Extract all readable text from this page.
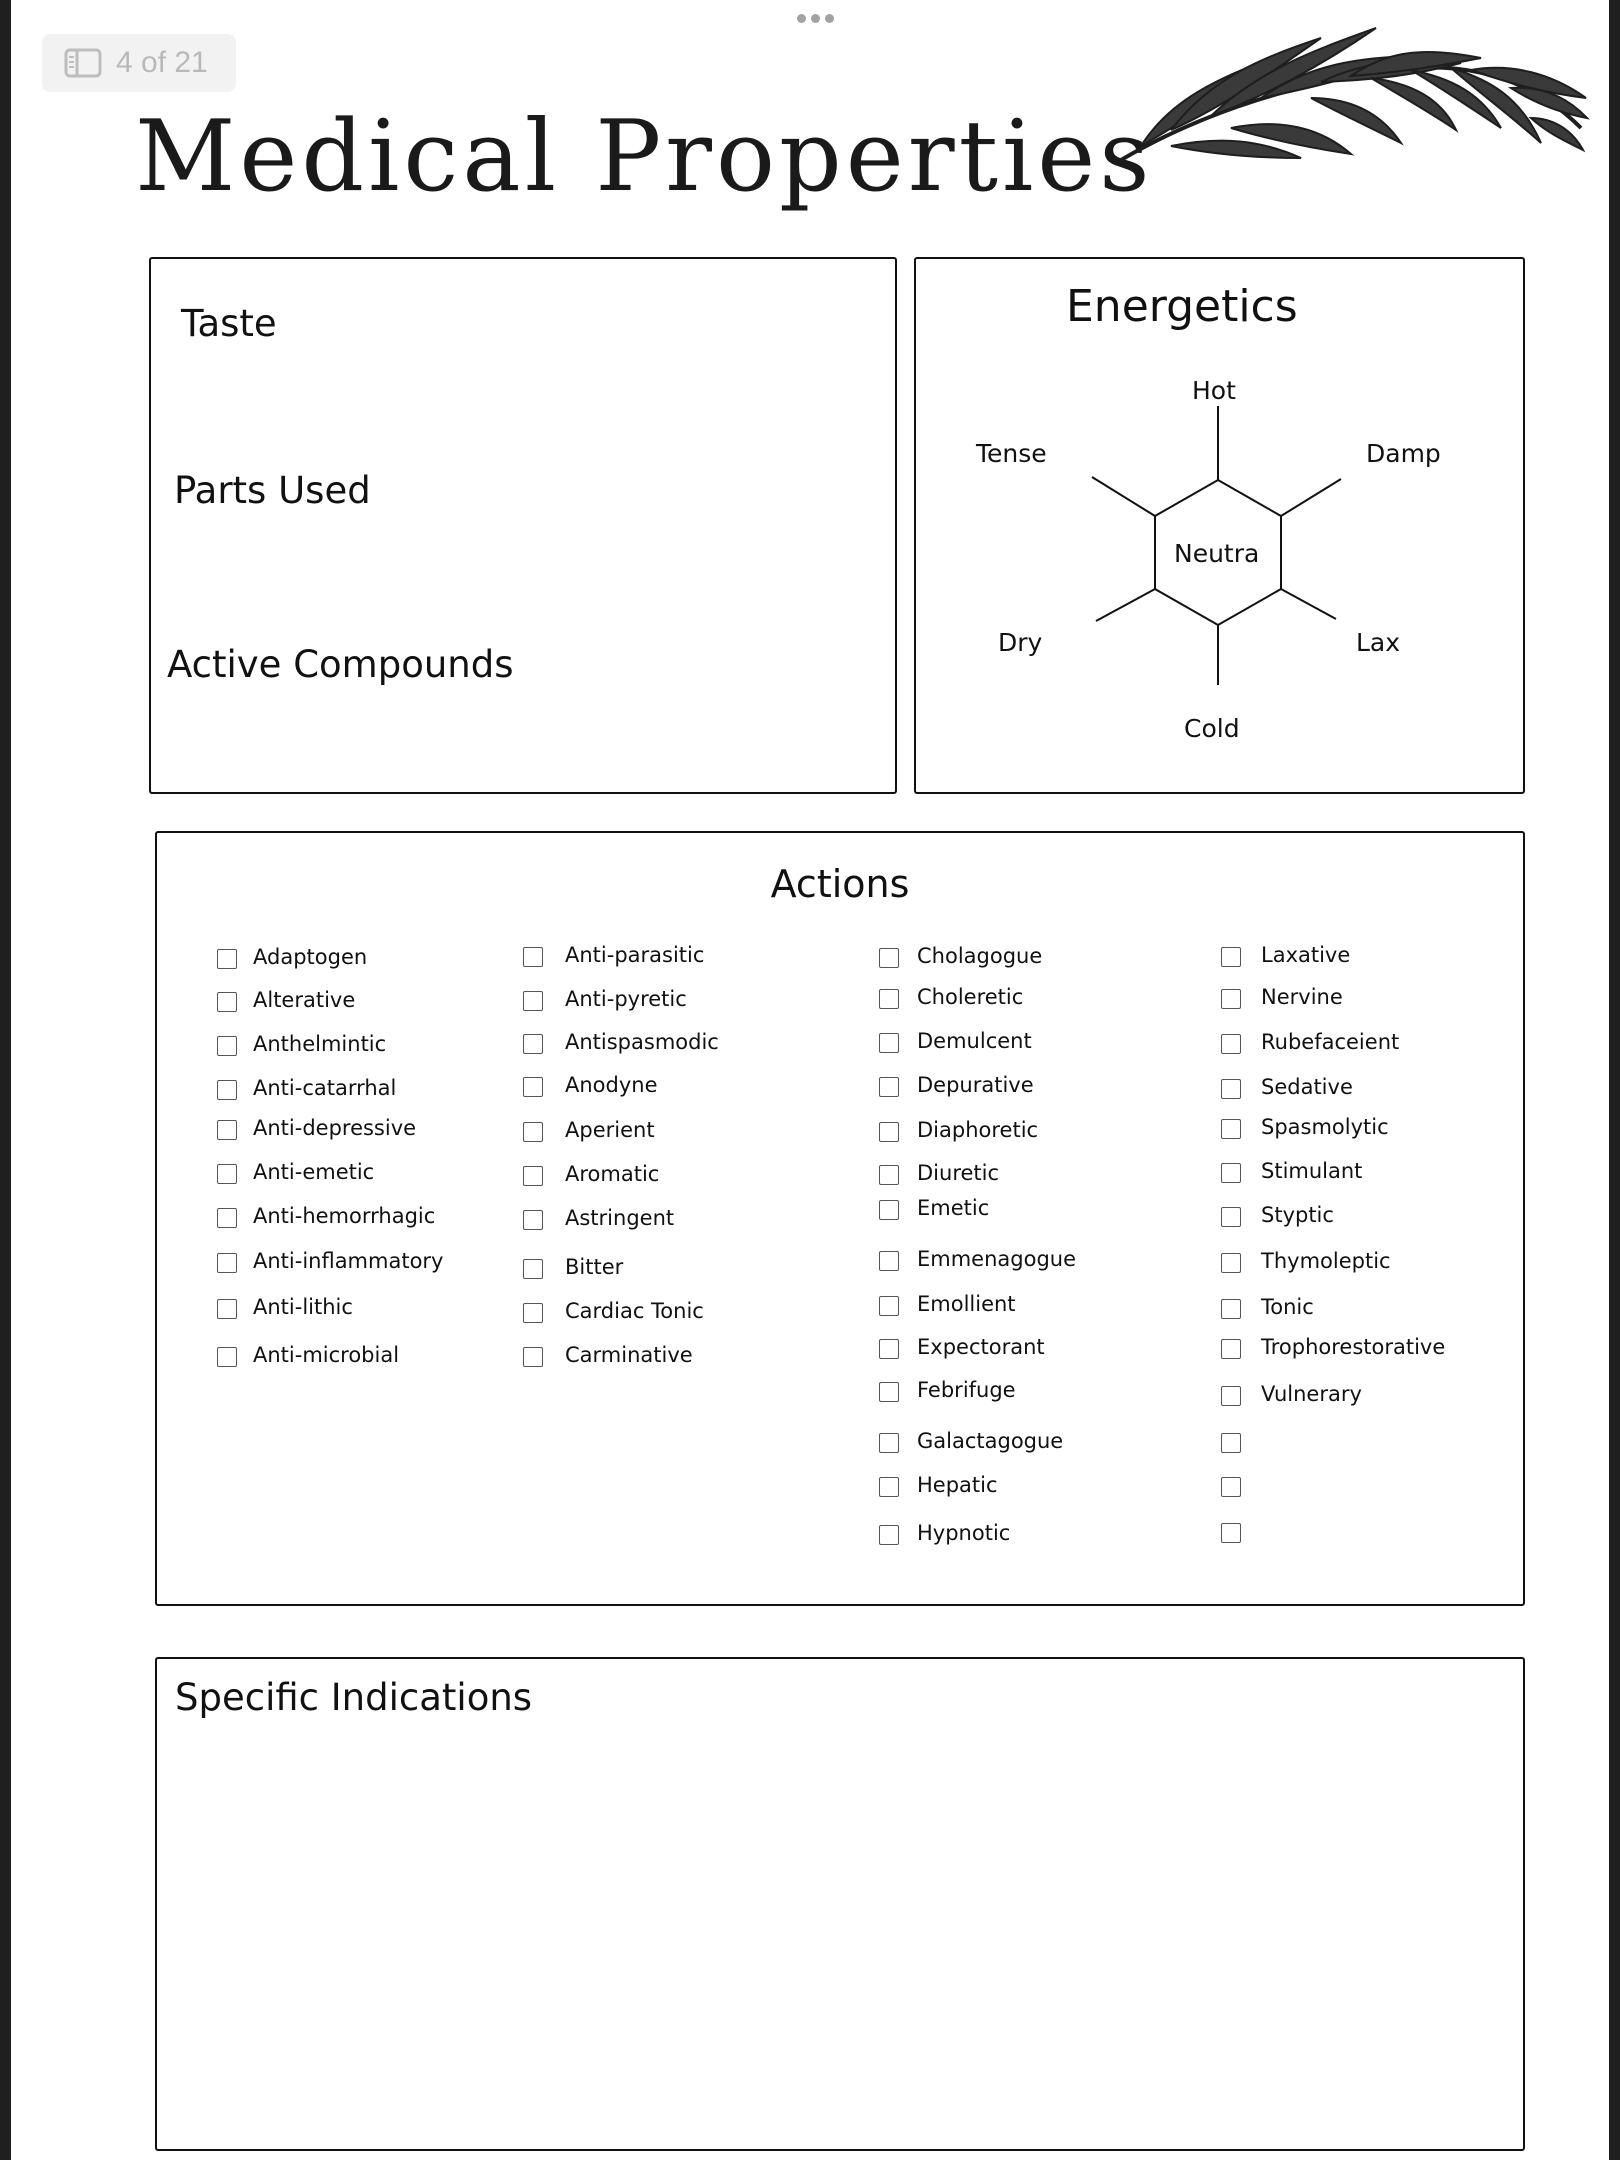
4 of 21
Medical Properties
Taste
Parts Used
Active Compounds
Energetics
Hot
Neutra
Cold
Tense	Damp
Dry	Lax
Actions
Adaptogen
Alterative
Anthelmintic
Anti-catarrhal
Anti-depressive
Anti-emetic
Anti-hemorrhagic
Anti-inflammatory
Anti-lithic
Anti-microbial
Anti-parasitic
Anti-pyretic
Antispasmodic
Anodyne
Aperient
Aromatic
Astringent
Bitter
Cardiac Tonic
Carminative
Cholagogue
Choleretic
Demulcent
Depurative
Diaphoretic
Diuretic
Emetic
Emmenagogue
Emollient
Expectorant
Febrifuge
Galactagogue
Hepatic
Hypnotic
Laxative
Nervine
Rubefaceient
Sedative
Spasmolytic
Stimulant
Styptic
Thymoleptic
Tonic
Trophorestorative
Vulnerary
Specific Indications
